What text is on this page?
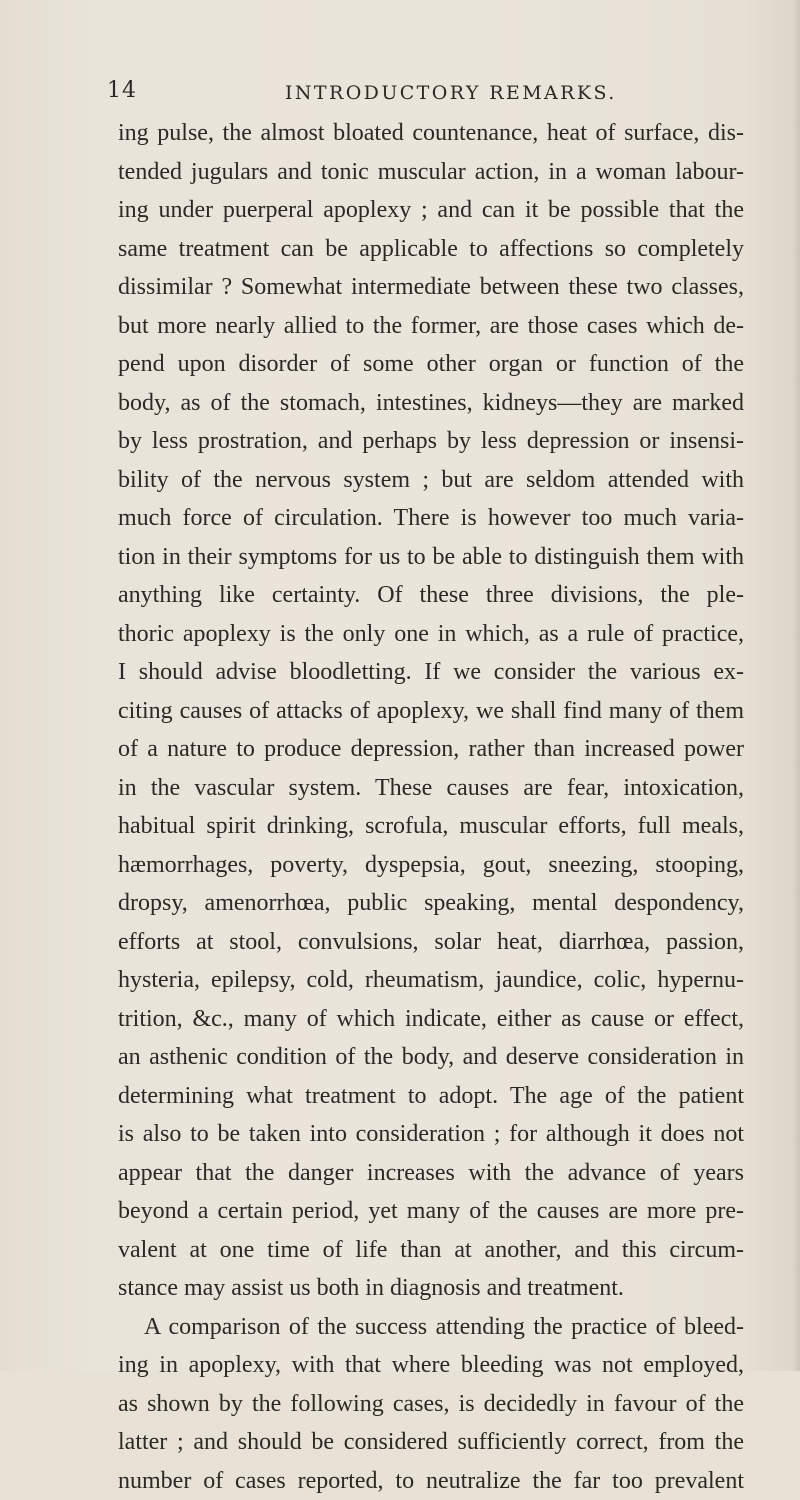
14	INTRODUCTORY REMARKS.
ing pulse, the almost bloated countenance, heat of surface, dis-
tended jugulars and tonic muscular action, in a woman labour-
ing under puerperal apoplexy ; and can it be possible that the
same treatment can be applicable to affections so completely
dissimilar ? Somewhat intermediate between these two classes,
but more nearly allied to the former, are those cases which de-
pend upon disorder of some other organ or function of the
body, as of the stomach, intestines, kidneys—they are marked
by less prostration, and perhaps by less depression or insensi-
bility of the nervous system ; but are seldom attended with
much force of circulation. There is however too much varia-
tion in their symptoms for us to be able to distinguish them with
anything like certainty. Of these three divisions, the ple-
thoric apoplexy is the only one in which, as a rule of practice,
I should advise bloodletting. If we consider the various ex-
citing causes of attacks of apoplexy, we shall find many of them
of a nature to produce depression, rather than increased power
in the vascular system. These causes are fear, intoxication,
habitual spirit drinking, scrofula, muscular efforts, full meals,
hæmorrhages, poverty, dyspepsia, gout, sneezing, stooping,
dropsy, amenorrhœa, public speaking, mental despondency,
efforts at stool, convulsions, solar heat, diarrhœa, passion,
hysteria, epilepsy, cold, rheumatism, jaundice, colic, hypernu-
trition, &c., many of which indicate, either as cause or effect,
an asthenic condition of the body, and deserve consideration in
determining what treatment to adopt. The age of the patient
is also to be taken into consideration ; for although it does not
appear that the danger increases with the advance of years
beyond a certain period, yet many of the causes are more pre-
valent at one time of life than at another, and this circum-
stance may assist us both in diagnosis and treatment.
A comparison of the success attending the practice of bleed-
ing in apoplexy, with that where bleeding was not employed,
as shown by the following cases, is decidedly in favour of the
latter ; and should be considered sufficiently correct, from the
number of cases reported, to neutralize the far too prevalent
